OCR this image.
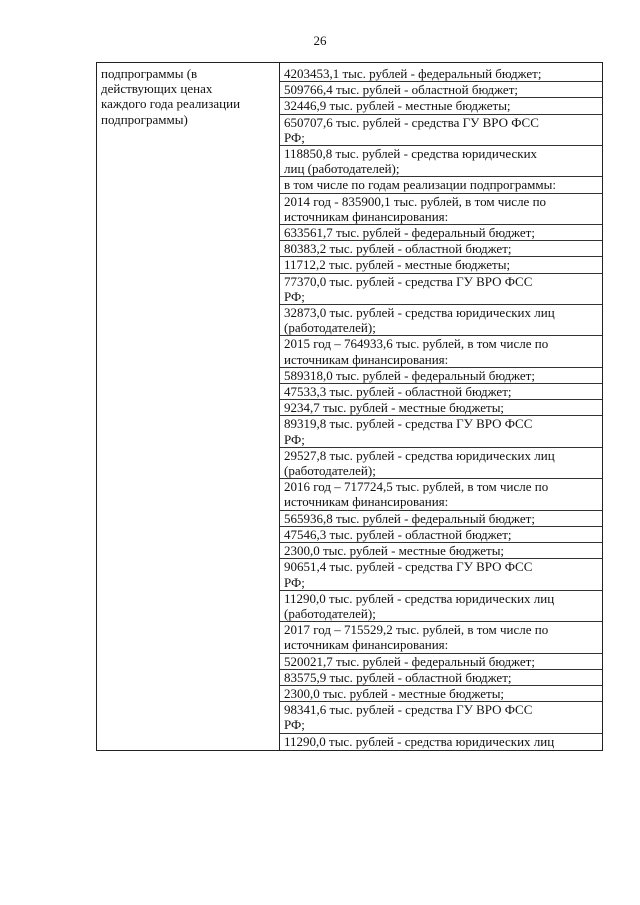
26
подпрограммы (в
действующих ценах
каждого года реализации
подпрограммы)

4203453,1 тыс. рублей - федеральный бюджет;
509766,4 тыс. рублей - областной бюджет;
32446,9 тыс. рублей - местные бюджеты;
650707,6 тыс. рублей - средства ГУ ВРО ФСС
РФ;
118850,8 тыс. рублей - средства юридических
лиц (работодателей);
в том числе по годам реализации подпрограммы:
2014 год - 835900,1 тыс. рублей, в том числе по
источникам финансирования:
633561,7 тыс. рублей - федеральный бюджет;
80383,2 тыс. рублей - областной бюджет;
11712,2 тыс. рублей - местные бюджеты;
77370,0 тыс. рублей - средства ГУ ВРО ФСС
РФ;
32873,0 тыс. рублей - средства юридических лиц
(работодателей);
2015 год – 764933,6 тыс. рублей, в том числе по
источникам финансирования:
589318,0 тыс. рублей - федеральный бюджет;
47533,3 тыс. рублей - областной бюджет;
9234,7 тыс. рублей - местные бюджеты;
89319,8 тыс. рублей - средства ГУ ВРО ФСС
РФ;
29527,8 тыс. рублей - средства юридических лиц
(работодателей);
2016 год – 717724,5 тыс. рублей, в том числе по
источникам финансирования:
565936,8 тыс. рублей - федеральный бюджет;
47546,3 тыс. рублей - областной бюджет;
2300,0 тыс. рублей - местные бюджеты;
90651,4 тыс. рублей - средства ГУ ВРО ФСС
РФ;
11290,0 тыс. рублей - средства юридических лиц
(работодателей);
2017 год – 715529,2 тыс. рублей, в том числе по
источникам финансирования:
520021,7 тыс. рублей - федеральный бюджет;
83575,9 тыс. рублей - областной бюджет;
2300,0 тыс. рублей - местные бюджеты;
98341,6 тыс. рублей - средства ГУ ВРО ФСС
РФ;
11290,0 тыс. рублей - средства юридических лиц
